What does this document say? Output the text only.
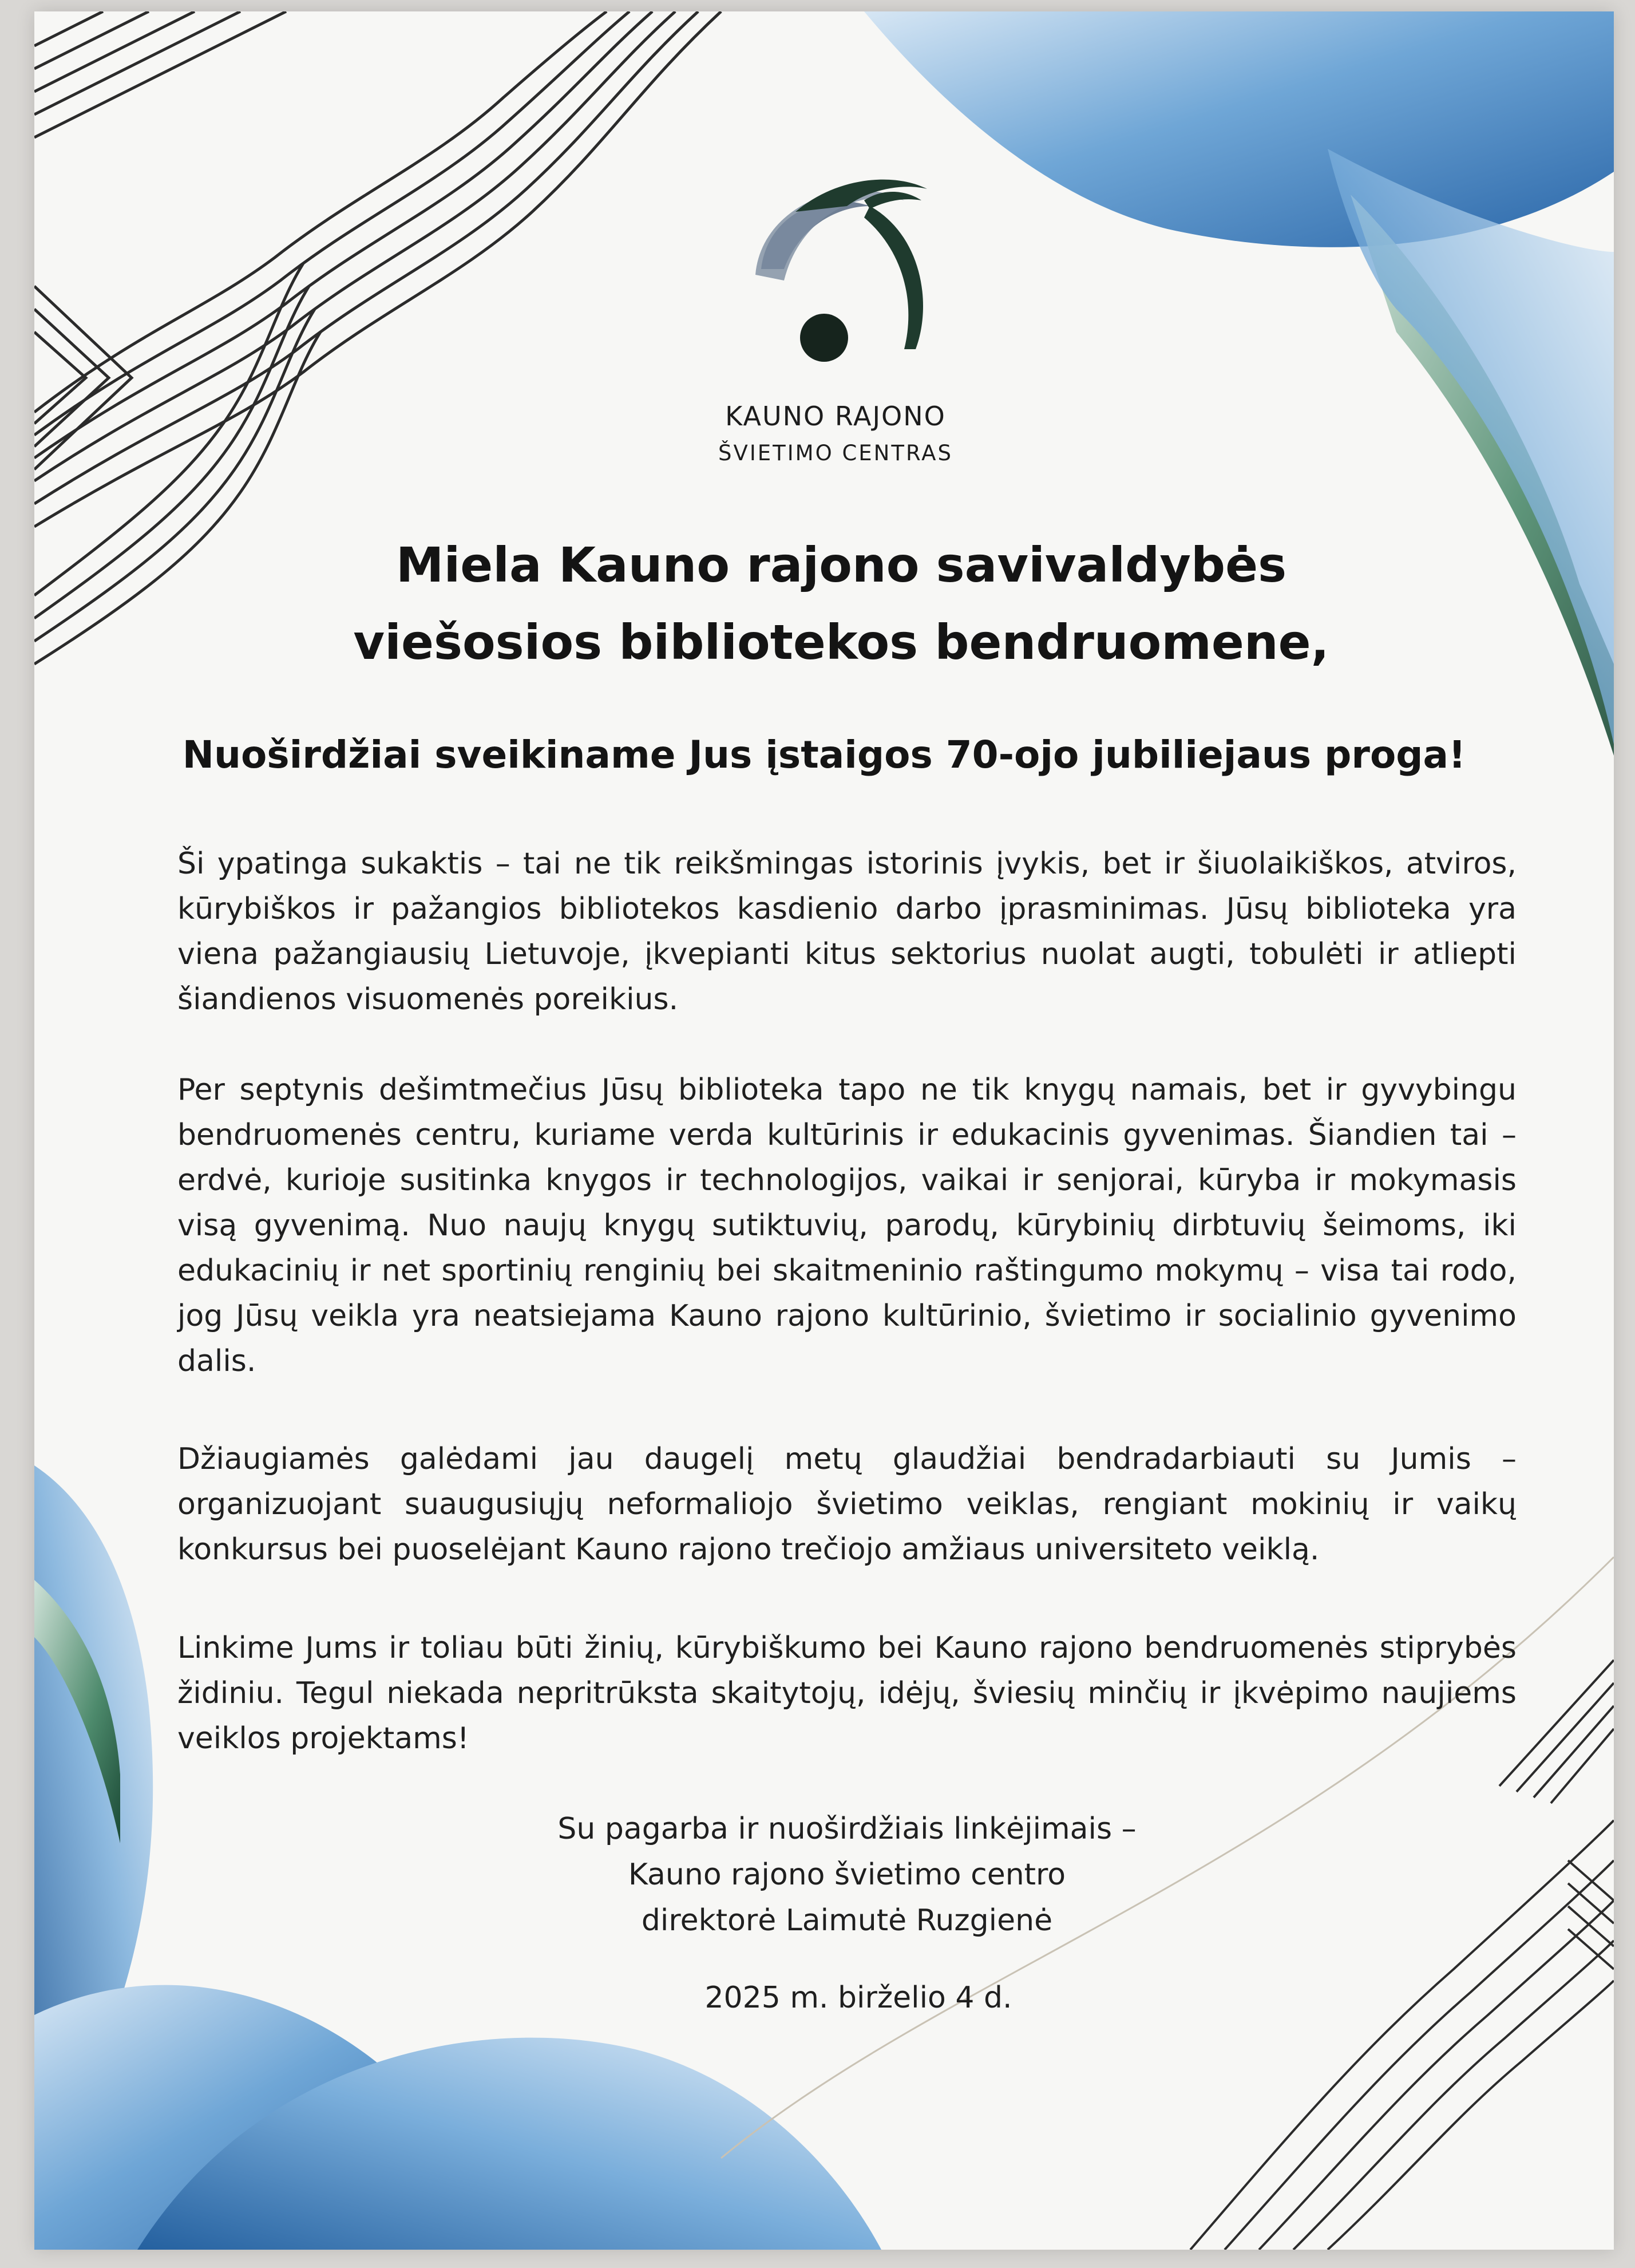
KAUNO RAJONO
ŠVIETIMO CENTRAS
Miela Kauno rajono savivaldybės
viešosios bibliotekos bendruomene,
Nuoširdžiai sveikiname Jus įstaigos 70-ojo jubiliejaus proga!
Ši ypatinga sukaktis – tai ne tik reikšmingas istorinis įvykis, bet ir šiuolaikiškos, atviros, kūrybiškos ir pažangios bibliotekos kasdienio darbo įprasminimas. Jūsų biblioteka yra viena pažangiausių Lietuvoje, įkvepianti kitus sektorius nuolat augti, tobulėti ir atliepti šiandienos visuomenės poreikius.
Per septynis dešimtmečius Jūsų biblioteka tapo ne tik knygų namais, bet ir gyvybingu bendruomenės centru, kuriame verda kultūrinis ir edukacinis gyvenimas. Šiandien tai – erdvė, kurioje susitinka knygos ir technologijos, vaikai ir senjorai, kūryba ir mokymasis visą gyvenimą. Nuo naujų knygų sutiktuvių, parodų, kūrybinių dirbtuvių šeimoms, iki edukacinių ir net sportinių renginių bei skaitmeninio raštingumo mokymų – visa tai rodo, jog Jūsų veikla yra neatsiejama Kauno rajono kultūrinio, švietimo ir socialinio gyvenimo dalis.
Džiaugiamės galėdami jau daugelį metų glaudžiai bendradarbiauti su Jumis – organizuojant suaugusiųjų neformaliojo švietimo veiklas, rengiant mokinių ir vaikų konkursus bei puoselėjant Kauno rajono trečiojo amžiaus universiteto veiklą.
Linkime Jums ir toliau būti žinių, kūrybiškumo bei Kauno rajono bendruomenės stiprybės židiniu. Tegul niekada nepritrūksta skaitytojų, idėjų, šviesių minčių ir įkvėpimo naujiems veiklos projektams!
Su pagarba ir nuoširdžiais linkėjimais –
Kauno rajono švietimo centro
direktorė Laimutė Ruzgienė
2025 m. birželio 4 d.
